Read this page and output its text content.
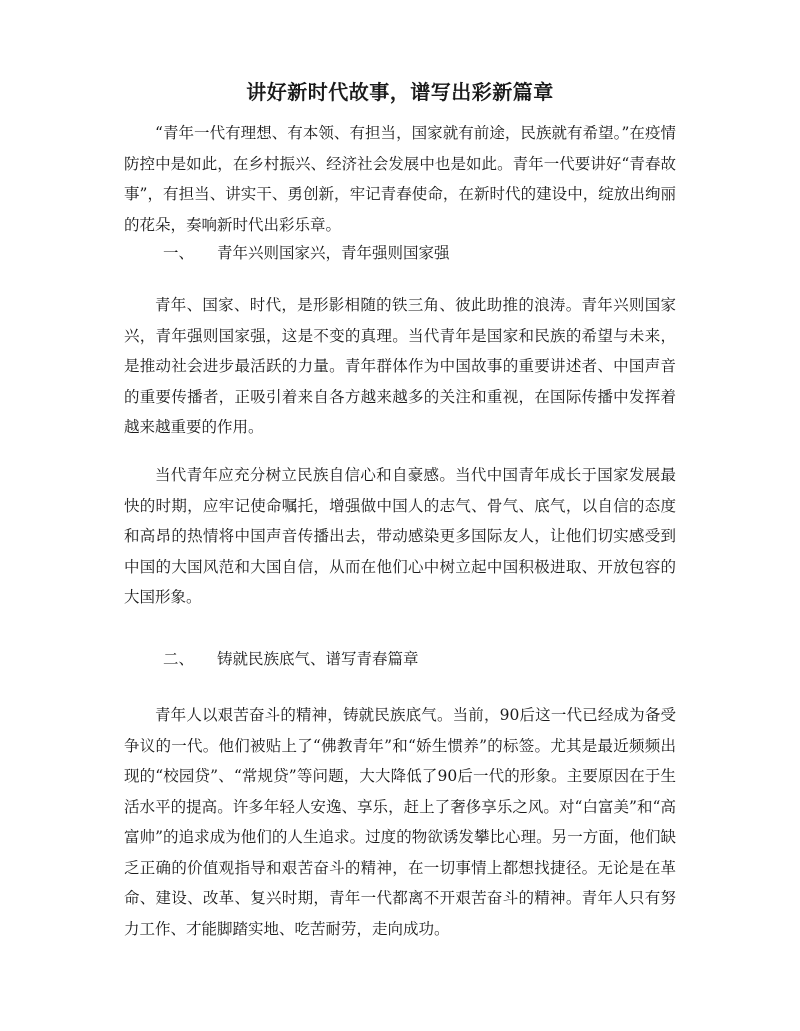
讲好新时代故事，谱写出彩新篇章

“青年一代有理想、有本领、有担当，国家就有前途，民族就有希望。”在疫情防控中是如此，在乡村振兴、经济社会发展中也是如此。青年一代要讲好“青春故事”，有担当、讲实干、勇创新，牢记青春使命，在新时代的建设中，绽放出绚丽的花朵，奏响新时代出彩乐章。

一、 青年兴则国家兴，青年强则国家强

青年、国家、时代，是形影相随的铁三角、彼此助推的浪涛。青年兴则国家兴，青年强则国家强，这是不变的真理。当代青年是国家和民族的希望与未来，是推动社会进步最活跃的力量。青年群体作为中国故事的重要讲述者、中国声音的重要传播者，正吸引着来自各方越来越多的关注和重视，在国际传播中发挥着越来越重要的作用。

当代青年应充分树立民族自信心和自豪感。当代中国青年成长于国家发展最快的时期，应牢记使命嘱托，增强做中国人的志气、骨气、底气，以自信的态度和高昂的热情将中国声音传播出去，带动感染更多国际友人，让他们切实感受到中国的大国风范和大国自信，从而在他们心中树立起中国积极进取、开放包容的大国形象。

二、 铸就民族底气、谱写青春篇章

青年人以艰苦奋斗的精神，铸就民族底气。当前，90后这一代已经成为备受争议的一代。他们被贴上了“佛教青年”和“娇生惯养”的标签。尤其是最近频频出现的“校园贷”、“常规贷”等问题，大大降低了90后一代的形象。主要原因在于生活水平的提高。许多年轻人安逸、享乐，赶上了奢侈享乐之风。对“白富美”和“高富帅”的追求成为他们的人生追求。过度的物欲诱发攀比心理。另一方面，他们缺乏正确的价值观指导和艰苦奋斗的精神，在一切事情上都想找捷径。无论是在革命、建设、改革、复兴时期，青年一代都离不开艰苦奋斗的精神。青年人只有努力工作、才能脚踏实地、吃苦耐劳，走向成功。
